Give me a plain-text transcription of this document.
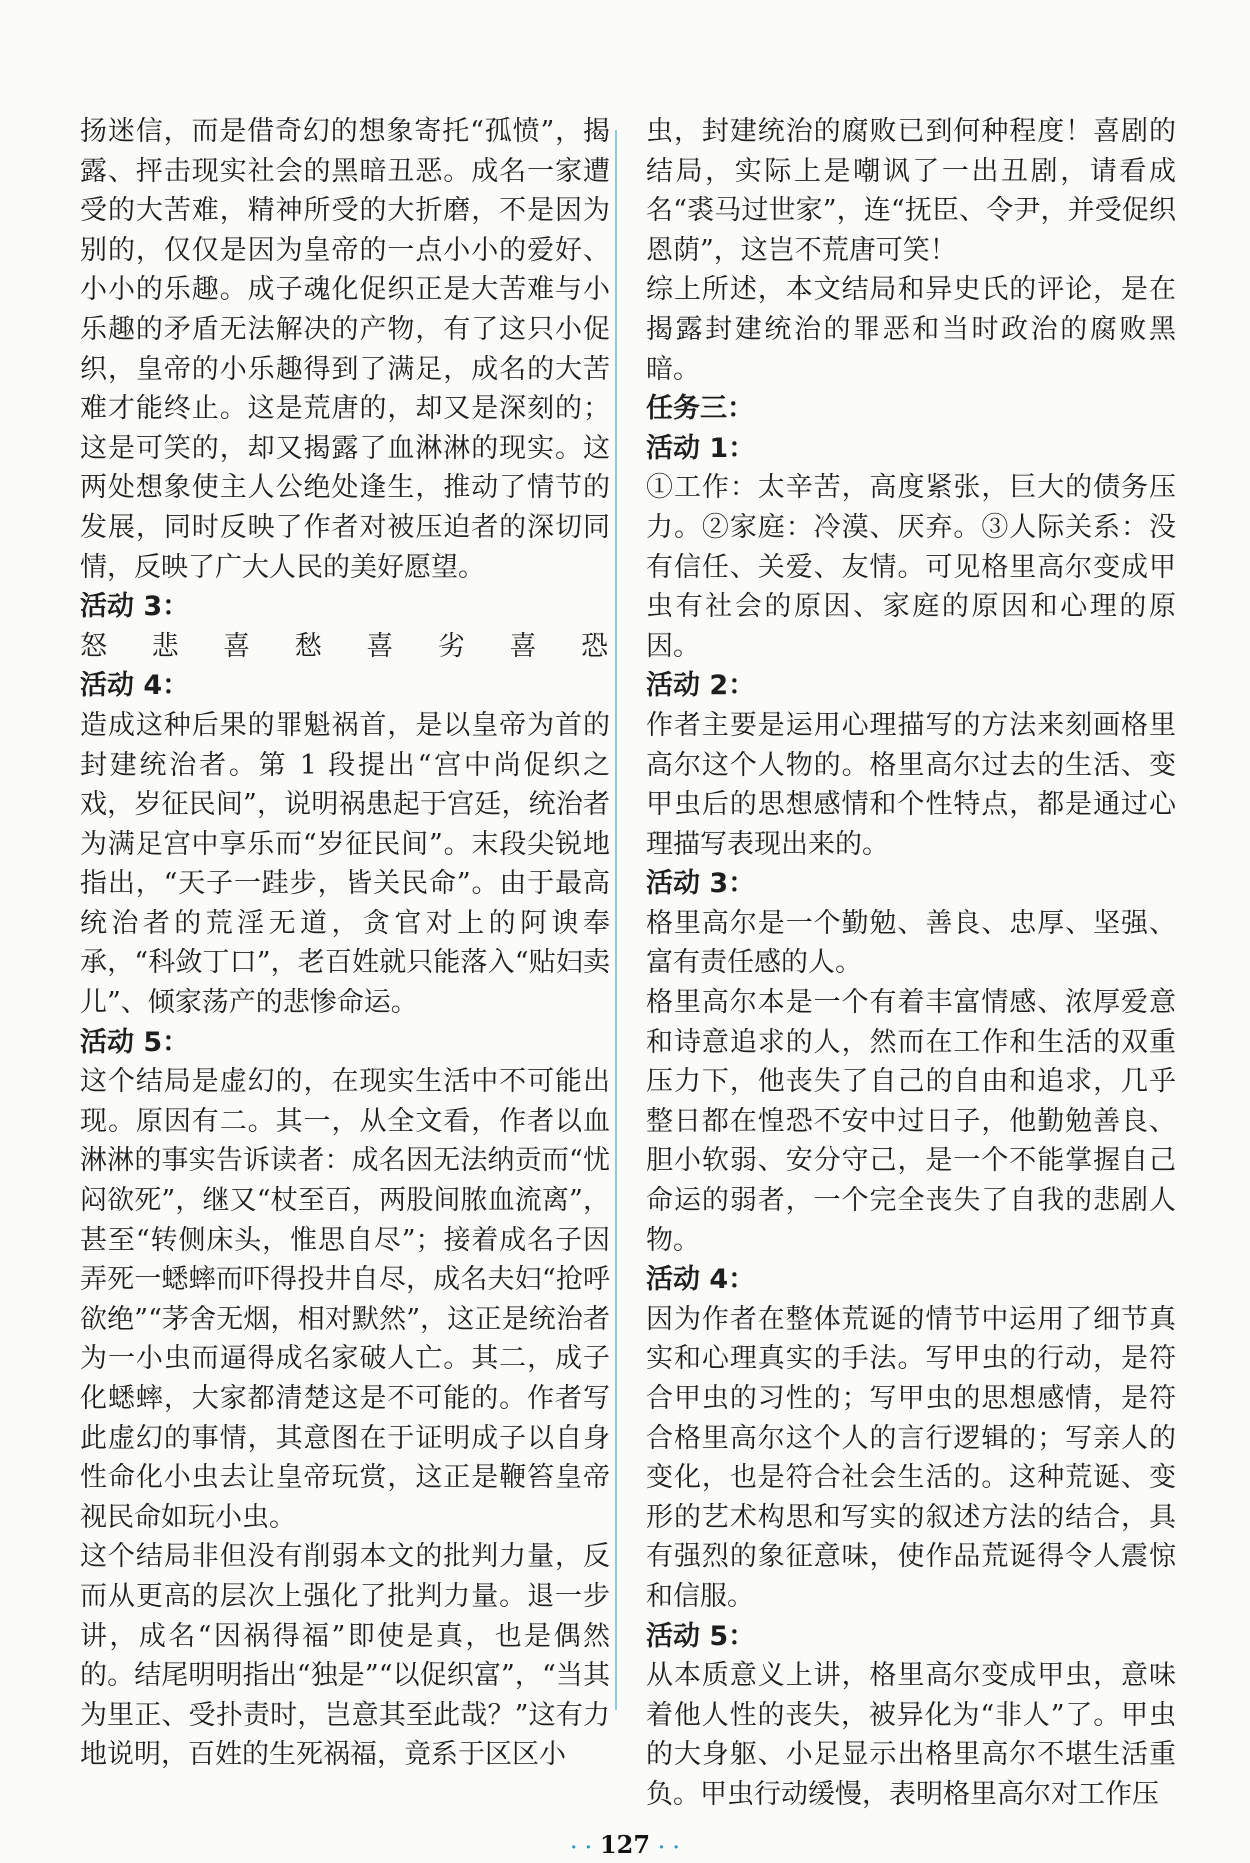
扬迷信，而是借奇幻的想象寄托“孤愤”，揭露、抨击现实社会的黑暗丑恶。成名一家遭受的大苦难，精神所受的大折磨，不是因为别的，仅仅是因为皇帝的一点小小的爱好、小小的乐趣。成子魂化促织正是大苦难与小乐趣的矛盾无法解决的产物，有了这只小促织，皇帝的小乐趣得到了满足，成名的大苦难才能终止。这是荒唐的，却又是深刻的；这是可笑的，却又揭露了血淋淋的现实。这两处想象使主人公绝处逢生，推动了情节的发展，同时反映了作者对被压迫者的深切同情，反映了广大人民的美好愿望。

活动 3：

怒 悲 喜 愁 喜 劣 喜 恐

活动 4：

造成这种后果的罪魁祸首，是以皇帝为首的封建统治者。第 1 段提出“宫中尚促织之戏，岁征民间”，说明祸患起于宫廷，统治者为满足宫中享乐而“岁征民间”。末段尖锐地指出，“天子一跬步，皆关民命”。由于最高统治者的荒淫无道，贪官对上的阿谀奉承，“科敛丁口”，老百姓就只能落入“贴妇卖儿”、倾家荡产的悲惨命运。

活动 5：

这个结局是虚幻的，在现实生活中不可能出现。原因有二。其一，从全文看，作者以血淋淋的事实告诉读者：成名因无法纳贡而“忧闷欲死”，继又“杖至百，两股间脓血流离”，甚至“转侧床头，惟思自尽”；接着成名子因弄死一蟋蟀而吓得投井自尽，成名夫妇“抢呼欲绝”“茅舍无烟，相对默然”，这正是统治者为一小虫而逼得成名家破人亡。其二，成子化蟋蟀，大家都清楚这是不可能的。作者写此虚幻的事情，其意图在于证明成子以自身性命化小虫去让皇帝玩赏，这正是鞭笞皇帝视民命如玩小虫。

这个结局非但没有削弱本文的批判力量，反而从更高的层次上强化了批判力量。退一步讲，成名“因祸得福”即使是真，也是偶然的。结尾明明指出“独是”“以促织富”，“当其为里正、受扑责时，岂意其至此哉？”这有力地说明，百姓的生死祸福，竟系于区区小

虫，封建统治的腐败已到何种程度！喜剧的结局，实际上是嘲讽了一出丑剧，请看成名“裘马过世家”，连“抚臣、令尹，并受促织恩荫”，这岂不荒唐可笑！

综上所述，本文结局和异史氏的评论，是在揭露封建统治的罪恶和当时政治的腐败黑暗。

任务三：

活动 1：

①工作：太辛苦，高度紧张，巨大的债务压力。②家庭：冷漠、厌弃。③人际关系：没有信任、关爱、友情。可见格里高尔变成甲虫有社会的原因、家庭的原因和心理的原因。

活动 2：

作者主要是运用心理描写的方法来刻画格里高尔这个人物的。格里高尔过去的生活、变甲虫后的思想感情和个性特点，都是通过心理描写表现出来的。

活动 3：

格里高尔是一个勤勉、善良、忠厚、坚强、富有责任感的人。

格里高尔本是一个有着丰富情感、浓厚爱意和诗意追求的人，然而在工作和生活的双重压力下，他丧失了自己的自由和追求，几乎整日都在惶恐不安中过日子，他勤勉善良、胆小软弱、安分守己，是一个不能掌握自己命运的弱者，一个完全丧失了自我的悲剧人物。

活动 4：

因为作者在整体荒诞的情节中运用了细节真实和心理真实的手法。写甲虫的行动，是符合甲虫的习性的；写甲虫的思想感情，是符合格里高尔这个人的言行逻辑的；写亲人的变化，也是符合社会生活的。这种荒诞、变形的艺术构思和写实的叙述方法的结合，具有强烈的象征意味，使作品荒诞得令人震惊和信服。

活动 5：

从本质意义上讲，格里高尔变成甲虫，意味着他人性的丧失，被异化为“非人”了。甲虫的大身躯、小足显示出格里高尔不堪生活重负。甲虫行动缓慢，表明格里高尔对工作压

· · 127 · ·
